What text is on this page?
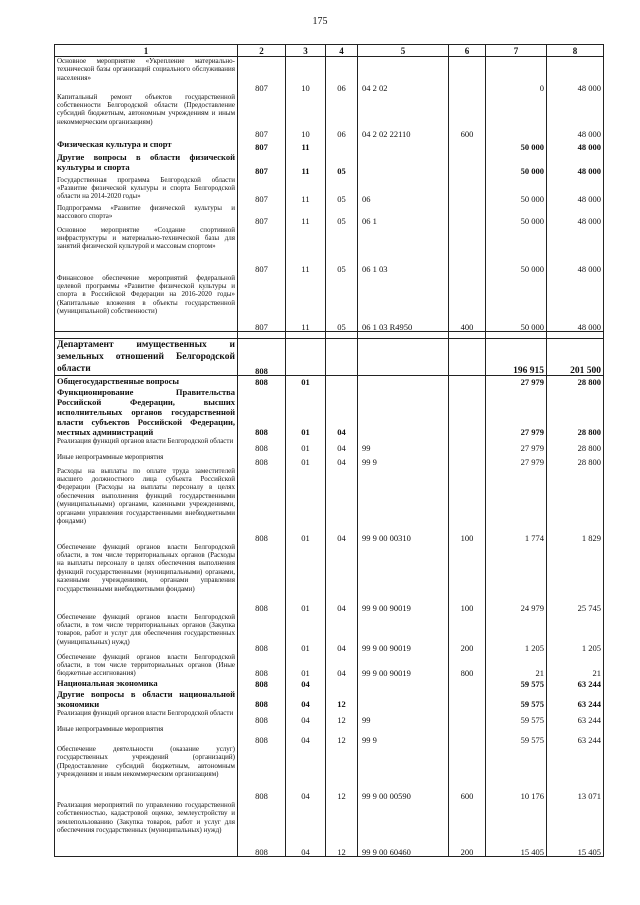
175
1	2	3	4	5	6	7	8
Основное мероприятие «Укрепление материально-технической базы организаций социального обслуживания населения»	807	10	06	04 2 02		0	48 000
Капитальный ремонт объектов государственной собственности Белгородской области (Предоставление субсидий бюджетным, автономным учреждениям и иным некоммерческим организациям)	807	10	06	04 2 02 22110	600		48 000
Физическая культура и спорт	807	11				50 000	48 000
Другие вопросы в области физической культуры и спорта	807	11	05			50 000	48 000
Государственная программа Белгородской области «Развитие физической культуры и спорта Белгородской области на 2014-2020 годы»	807	11	05	06		50 000	48 000
Подпрограмма «Развитие физической культуры и массового спорта»	807	11	05	06 1		50 000	48 000
Основное мероприятие «Создание спортивной инфраструктуры и материально-технической базы для занятий физической культурой и массовым спортом»	807	11	05	06 1 03		50 000	48 000
Финансовое обеспечение мероприятий федеральной целевой программы «Развитие физической культуры и спорта в Российской Федерации на 2016-2020 годы» (Капитальные вложения в объекты государственной (муниципальной) собственности)	807	11	05	06 1 03 R4950	400	50 000	48 000

Департамент имущественных и земельных отношений Белгородской области	808					196 915	201 500
Общегосударственные вопросы	808	01				27 979	28 800
Функционирование Правительства Российской Федерации, высших исполнительных органов государственной власти субъектов Российской Федерации, местных администраций	808	01	04			27 979	28 800
Реализация функций органов власти Белгородской области	808	01	04	99		27 979	28 800
Иные непрограммные мероприятия	808	01	04	99 9		27 979	28 800
Расходы на выплаты по оплате труда заместителей высшего должностного лица субъекта Российской Федерации (Расходы на выплаты персоналу в целях обеспечения выполнения функций государственными (муниципальными) органами, казенными учреждениями, органами управления государственными внебюджетными фондами)	808	01	04	99 9 00 00310	100	1 774	1 829
Обеспечение функций органов власти Белгородской области, в том числе территориальных органов (Расходы на выплаты персоналу в целях обеспечения выполнения функций государственными (муниципальными) органами, казенными учреждениями, органами управления государственными внебюджетными фондами)	808	01	04	99 9 00 90019	100	24 979	25 745
Обеспечение функций органов власти Белгородской области, в том числе территориальных органов (Закупка товаров, работ и услуг для обеспечения государственных (муниципальных) нужд)	808	01	04	99 9 00 90019	200	1 205	1 205
Обеспечение функций органов власти Белгородской области, в том числе территориальных органов (Иные бюджетные ассигнования)	808	01	04	99 9 00 90019	800	21	21
Национальная экономика	808	04				59 575	63 244
Другие вопросы в области национальной экономики	808	04	12			59 575	63 244
Реализация функций органов власти Белгородской области	808	04	12	99		59 575	63 244
Иные непрограммные мероприятия	808	04	12	99 9		59 575	63 244
Обеспечение деятельности (оказание услуг) государственных учреждений (организаций) (Предоставление субсидий бюджетным, автономным учреждениям и иным некоммерческим организациям)	808	04	12	99 9 00 00590	600	10 176	13 071
Реализация мероприятий по управлению государственной собственностью, кадастровой оценке, землеустройству и землепользованию (Закупка товаров, работ и услуг для обеспечения государственных (муниципальных) нужд)	808	04	12	99 9 00 60460	200	15 405	15 405
